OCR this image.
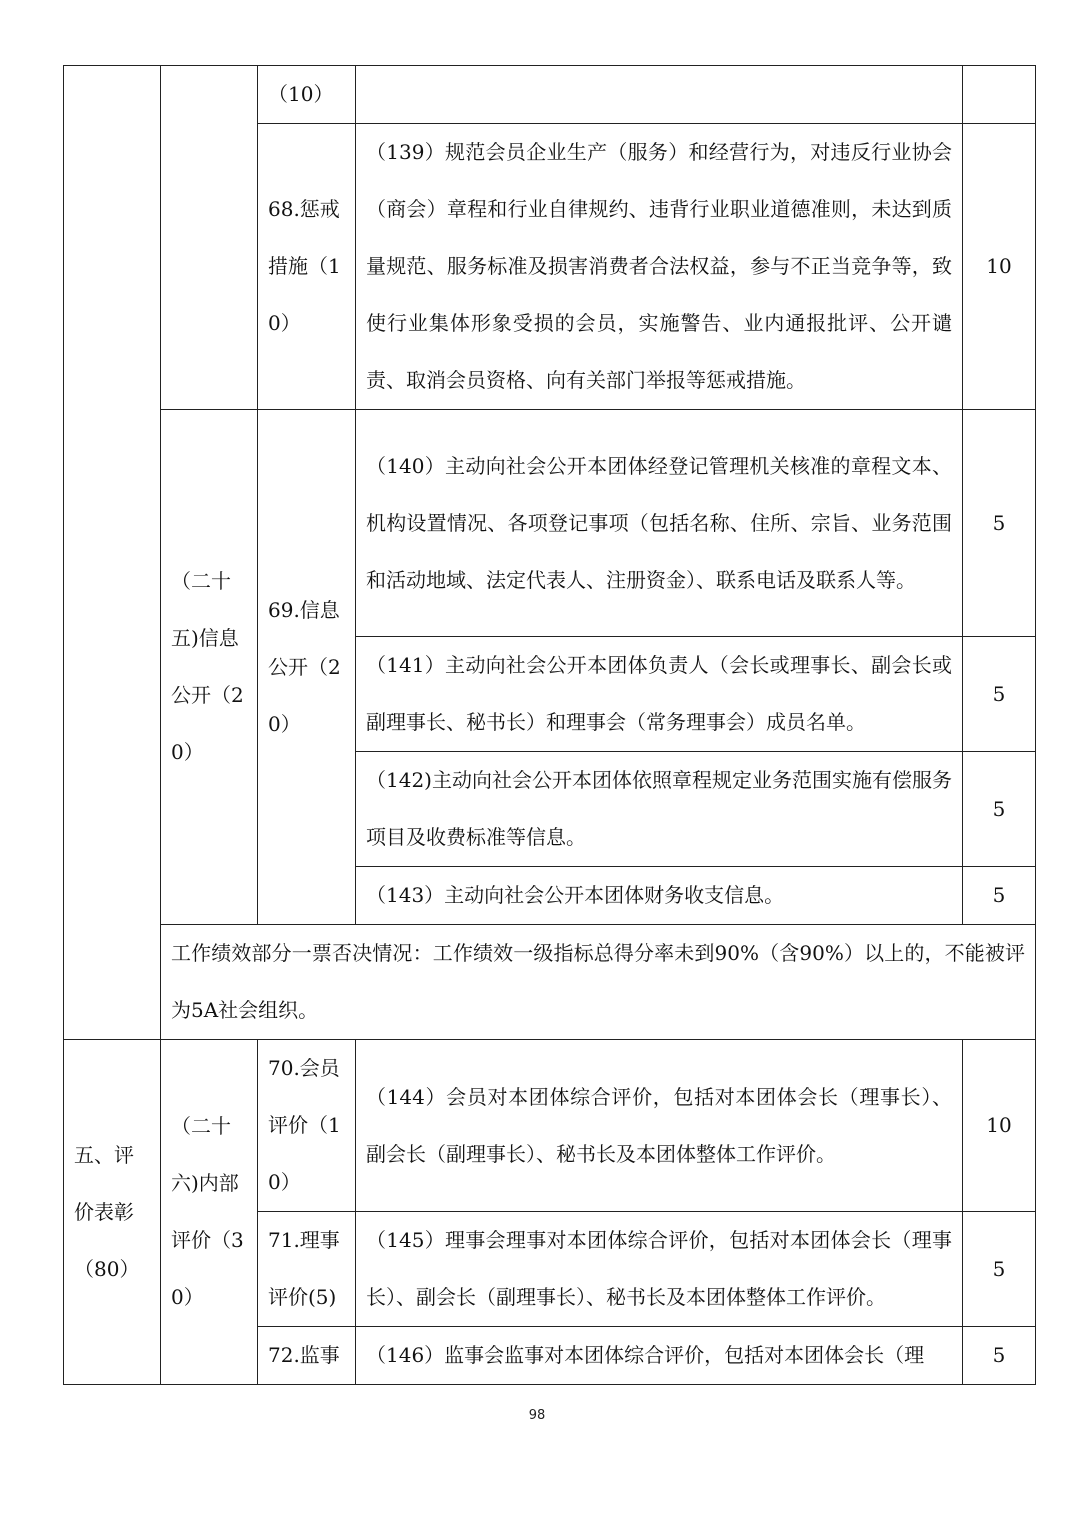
		（10）		
		68.惩戒措施（10）	（139）规范会员企业生产（服务）和经营行为，对违反行业协会（商会）章程和行业自律规约、违背行业职业道德准则，未达到质量规范、服务标准及损害消费者合法权益，参与不正当竞争等，致使行业集体形象受损的会员，实施警告、业内通报批评、公开谴责、取消会员资格、向有关部门举报等惩戒措施。	10
	（二十五)信息公开（20）	69.信息公开（20）	（140）主动向社会公开本团体经登记管理机关核准的章程文本、机构设置情况、各项登记事项（包括名称、住所、宗旨、业务范围和活动地域、法定代表人、注册资金）、联系电话及联系人等。	5
			（141）主动向社会公开本团体负责人（会长或理事长、副会长或副理事长、秘书长）和理事会（常务理事会）成员名单。	5
			（142)主动向社会公开本团体依照章程规定业务范围实施有偿服务项目及收费标准等信息。	5
			（143）主动向社会公开本团体财务收支信息。	5
	工作绩效部分一票否决情况：工作绩效一级指标总得分率未到90%（含90%）以上的，不能被评为5A社会组织。			
五、评价表彰（80）	（二十六)内部评价（30）	70.会员评价（10）	（144）会员对本团体综合评价，包括对本团体会长（理事长）、副会长（副理事长）、秘书长及本团体整体工作评价。	10
		71.理事评价(5)	（145）理事会理事对本团体综合评价，包括对本团体会长（理事长）、副会长（副理事长）、秘书长及本团体整体工作评价。	5
		72.监事	（146）监事会监事对本团体综合评价，包括对本团体会长（理	5
98
